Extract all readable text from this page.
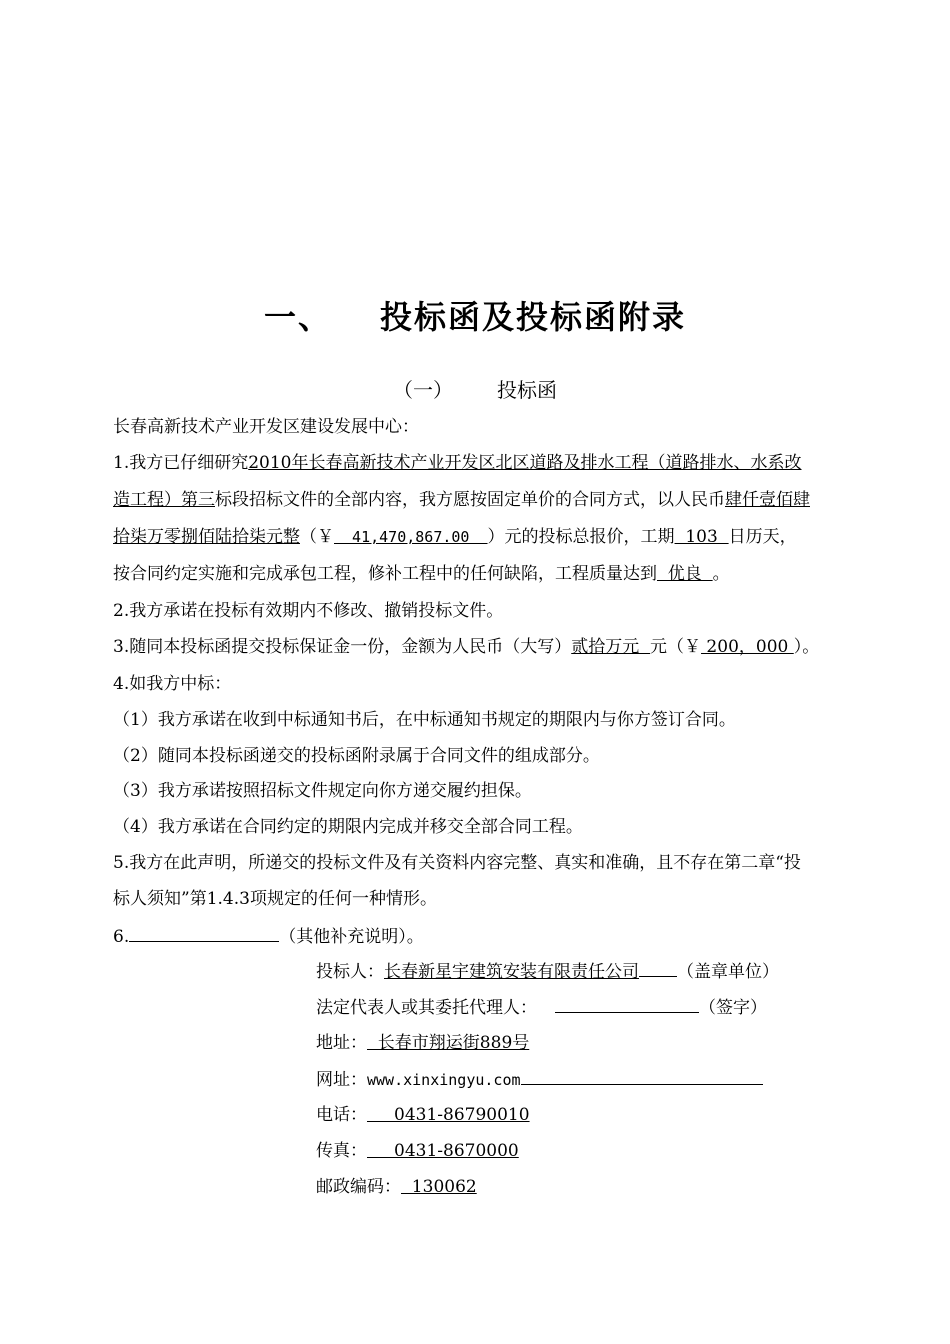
一、 投标函及投标函附录
（一） 投标函
长春高新技术产业开发区建设发展中心：
1.我方已仔细研究2010年长春高新技术产业开发区北区道路及排水工程（道路排水、水系改
造工程）第三标段招标文件的全部内容，我方愿按固定单价的合同方式，以人民币肆仟壹佰肆
拾柒万零捌佰陆拾柒元整（￥  41,470,867.00  ）元的投标总报价，工期  103  日历天，
按合同约定实施和完成承包工程，修补工程中的任何缺陷，工程质量达到  优良  。
2.我方承诺在投标有效期内不修改、撤销投标文件。
3.随同本投标函提交投标保证金一份，金额为人民币（大写）贰拾万元  元（￥ 200，000 ）。
4.如我方中标：
（1）我方承诺在收到中标通知书后，在中标通知书规定的期限内与你方签订合同。
（2）随同本投标函递交的投标函附录属于合同文件的组成部分。
（3）我方承诺按照招标文件规定向你方递交履约担保。
（4）我方承诺在合同约定的期限内完成并移交全部合同工程。
5.我方在此声明，所递交的投标文件及有关资料内容完整、真实和准确，且不存在第二章“投
标人须知”第1.4.3项规定的任何一种情形。
6.	（其他补充说明）。
投标人：长春新星宇建筑安装有限责任公司 （盖章单位）
法定代表人或其委托代理人：	（签字）
地址：  长春市翔运街889号
网址：www.xinxingyu.com
电话：     0431-86790010
传真：     0431-8670000
邮政编码：  130062
